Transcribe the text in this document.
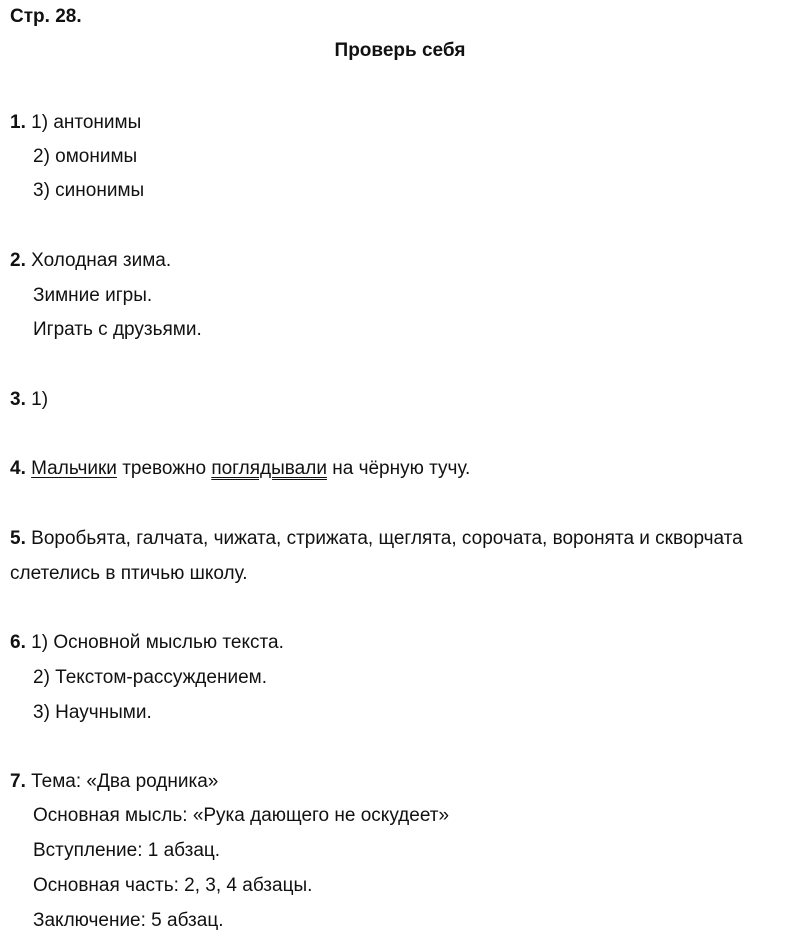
Стр. 28.
Проверь себя
1. 1) антонимы
2) омонимы
3) синонимы
2. Холодная зима.
Зимние игры.
Играть с друзьями.
3. 1)
4. Мальчики тревожно поглядывали на чёрную тучу.
5. Воробьята, галчата, чижата, стрижата, щеглята, сорочата, воронята и скворчата
слетелись в птичью школу.
6. 1) Основной мыслью текста.
2) Текстом-рассуждением.
3) Научными.
7. Тема: «Два родника»
Основная мысль: «Рука дающего не оскудеет»
Вступление: 1 абзац.
Основная часть: 2, 3, 4 абзацы.
Заключение: 5 абзац.
